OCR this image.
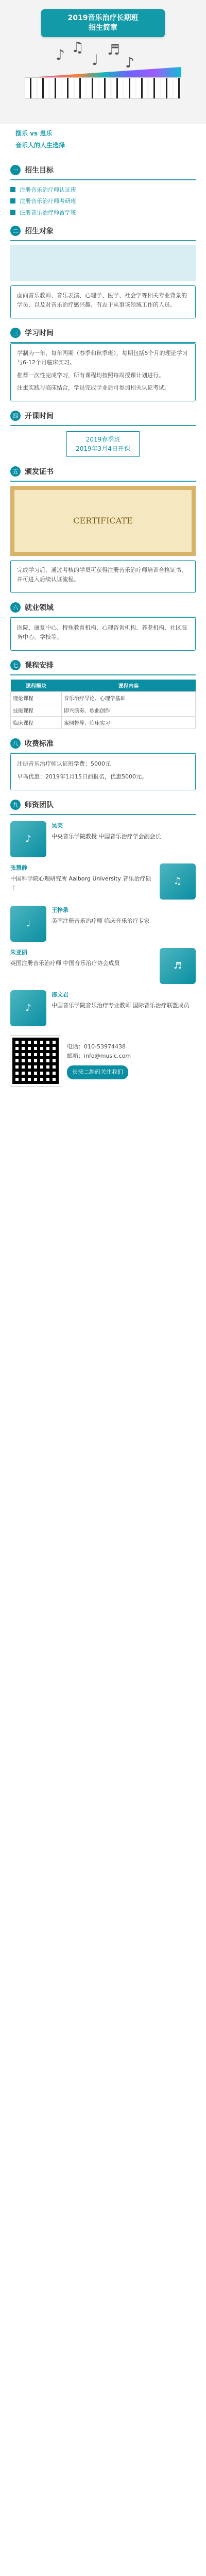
2019音乐治疗长期班
招生简章
♪ ♫
♩
♬
♪

摆乐 vs 患乐

音乐人的人生选择

一 招生目标
注册音乐治疗师认证班
注册音乐治疗师考研班
注册音乐治疗师留学班
二 招生对象

面向音乐教师、音乐表演、心理学、医学、社会学等相关专业背景的学员，以及对音乐治疗感兴趣、有志于从事该领域工作的人员。

三 学习时间

学制为一年，每年两期（春季和秋季班），每期包括5个月的理论学习与6-12个月临床实习。

推荐一次性完成学习，所有课程均按照每周授课计划进行。

注重实践与临床结合，学员完成学业后可参加相关认证考试。

四 开课时间
2019春季班
2019年3月4日开课
五 颁发证书
CERTIFICATE

完成学习后，通过考核的学员可获得注册音乐治疗师培训合格证书，并可进入后续认证流程。

六 就业领域

医院、康复中心、特殊教育机构、心理咨询机构、养老机构、社区服务中心、学校等。

七 课程安排
课程模块	课程内容
理论课程	音乐治疗导论、心理学基础
技能课程	即兴演奏、歌曲创作
临床课程	案例督导、临床实习
八 收费标准

注册音乐治疗师认证班学费：5000元

早鸟优惠：2019年1月15日前报名，优惠5000元。

九 师资团队
♪
吴芙
中央音乐学院教授 中国音乐治疗学会副会长
♫
张慧静
中国科学院心理研究所 Aalborg University 音乐治疗硕士
♩
王梓录
美国注册音乐治疗师 临床音乐治疗专家
♬
朱亚丽
英国注册音乐治疗师 中国音乐治疗协会成员
♪
邵文君
中国音乐学院音乐治疗专业教师 国际音乐治疗联盟成员
电话：010-53974438
邮箱：info@music.com
长按二维码关注我们
